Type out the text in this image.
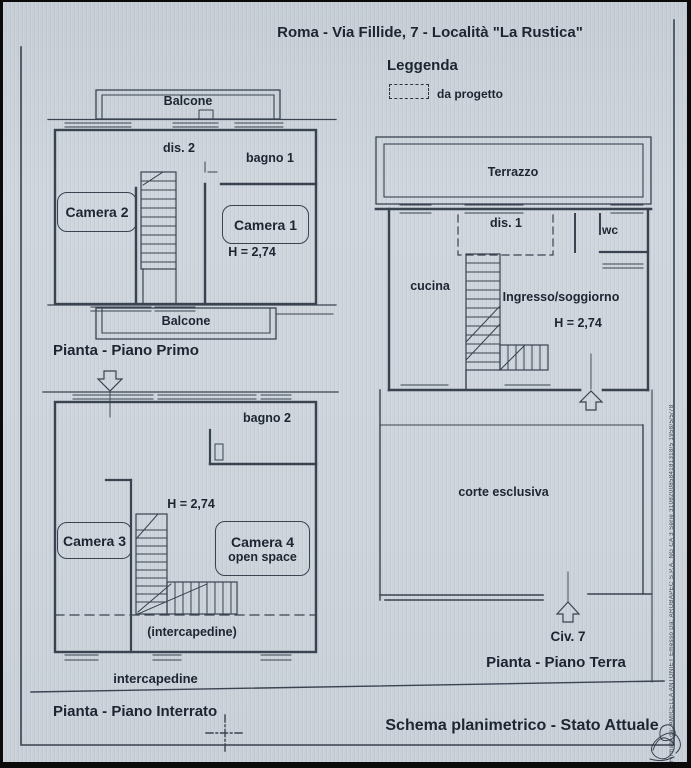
Roma - Via Fillide, 7 - Località "La Rustica"
Leggenda
da progetto
Balcone
dis. 2
bagno 1
Camera 2
Camera 1
H = 2,74
Balcone
Pianta - Piano Primo
bagno 2
H = 2,74
Camera 3	Camera 4
open space
(intercapedine)
intercapedine
Pianta - Piano Interrato
Terrazzo
dis. 1	wc
cucina
Ingresso/soggiorno
H = 2,74
corte esclusiva
Civ. 7
Pianta - Piano Terra
Schema planimetrico - Stato Attuale	Firmato da: AMICELLA ANTONIET Emesso Da: ARUBAPEC S.P.A. NG CA 3 Serie 31082008584181318/5 1958/5/5/78
